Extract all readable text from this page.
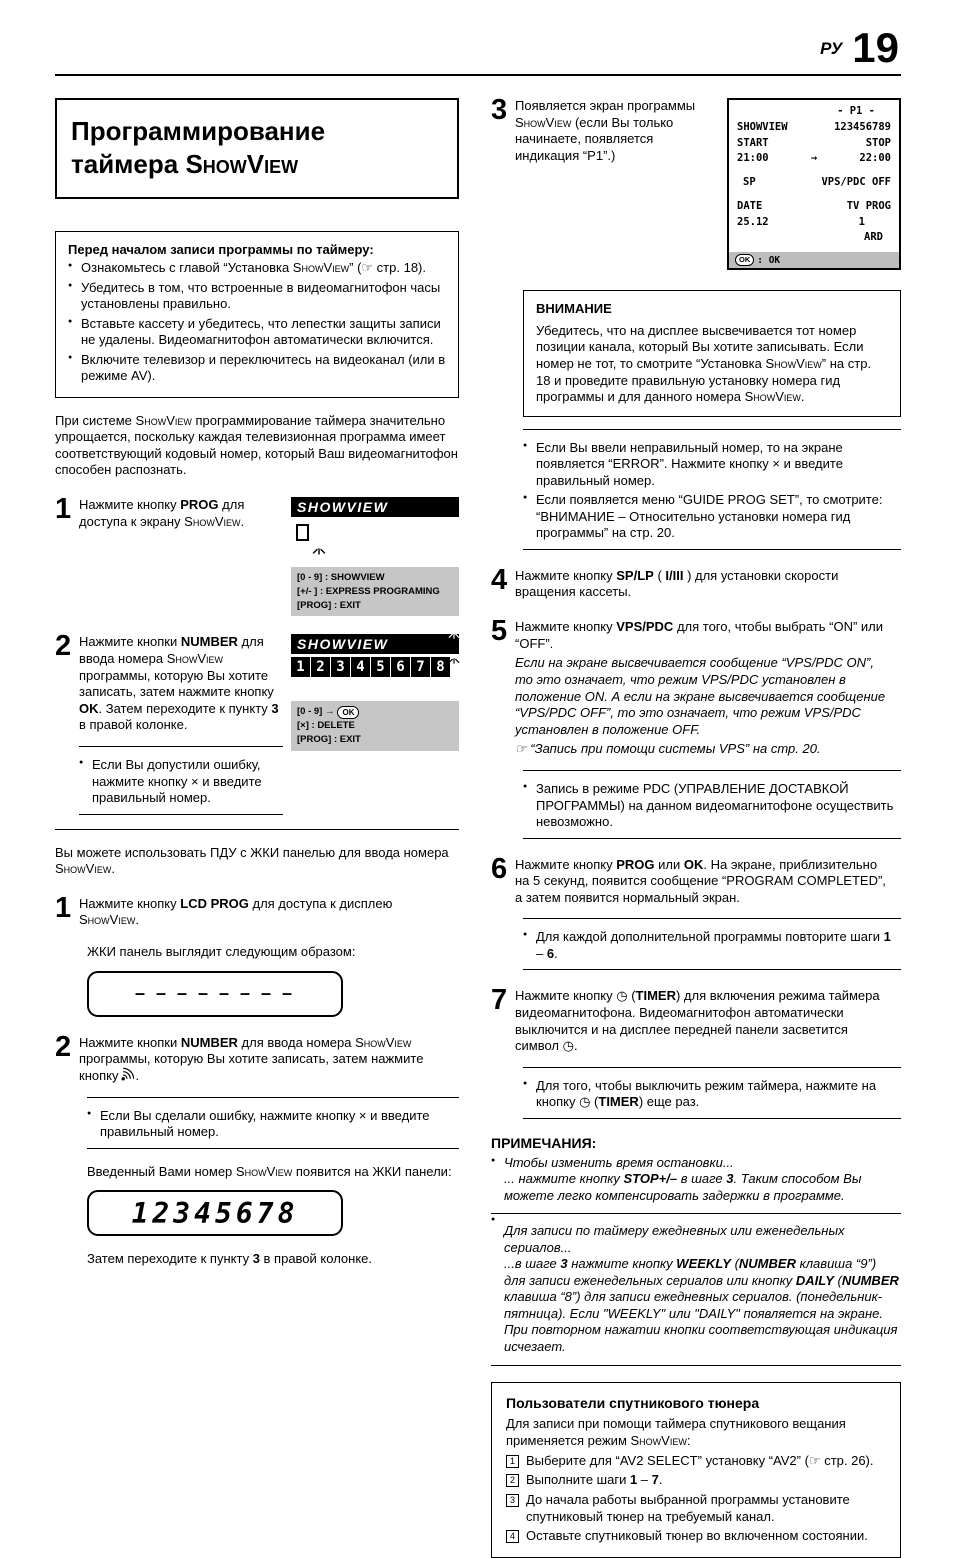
РУ 19
Программирование
таймера ShowView
Перед началом записи программы по таймеру:
● Ознакомьтесь с главой “Установка ShowView” (☞ стр. 18).
● Убедитесь в том, что встроенные в видеомагнитофон часы установлены правильно.
● Вставьте кассету и убедитесь, что лепестки защиты записи не удалены. Видеомагнитофон автоматически включится.
● Включите телевизор и переключитесь на видеоканал (или в режиме AV).

При системе ShowView программирование таймера значительно упрощается, поскольку каждая телевизионная программа имеет соответствующий кодовый номер, который Ваш видеомагнитофон способен распознать.

1 Нажмите кнопку PROG для доступа к экрану ShowView.
SHOWVIEW
[0 - 9] : SHOWVIEW
[+/- ] : EXPRESS PROGRAMING
[PROG] : EXIT
2 Нажмите кнопки NUMBER для ввода номера ShowView программы, которую Вы хотите записать, затем нажмите кнопку OK. Затем переходите к пункту 3 в правой колонке.
● Если Вы допустили ошибку, нажмите кнопку × и введите правильный номер.
SHOWVIEW
1 2 3 4 5 6 7 8
[0 - 9] →	OK
[×] : DELETE
[PROG] : EXIT

Вы можете использовать ПДУ с ЖКИ панелью для ввода номера ShowView.

1 Нажмите кнопку LCD PROG для доступа к дисплею ShowView.

ЖКИ панель выглядит следующим образом:

– – – – – – – –
2 Нажмите кнопки NUMBER для ввода номера ShowView программы, которую Вы хотите записать, затем нажмите кнопку .
● Если Вы сделали ошибку, нажмите кнопку × и введите правильный номер.

Введенный Вами номер ShowView появится на ЖКИ панели:

12345678

Затем переходите к пункту 3 в правой колонке.

3 Появляется экран программы ShowView (если Вы только начинаете, появляется индикация “Р1”.)
- P1 -
SHOWVIEW	123456789
START	STOP
21:00	→	22:00
SP	VPS/PDC OFF
DATE	TV PROG
25.12	1
ARD
OK : OK
ВНИМАНИЕ
Убедитесь, что на дисплее высвечивается тот номер позиции канала, который Вы хотите записывать. Если номер не тот, то смотрите “Установка ShowView” на стр. 18 и проведите правильную установку номера гид программы и для данного номера ShowView.
● Если Вы ввели неправильный номер, то на экране появляется “ERROR”. Нажмите кнопку × и введите правильный номер.
● Если появляется меню “GUIDE PROG SET”, то смотрите: “ВНИМАНИЕ – Относительно установки номера гид программы” на стр. 20.
4 Нажмите кнопку SP/LP ( I/III ) для установки скорости вращения кассеты.
5 Нажмите кнопку VPS/PDC для того, чтобы выбрать “ON” или “OFF”.
Если на экране высвечивается сообщение “VPS/PDC ON”, то это означает, что режим VPS/PDC установлен в положение ON. А если на экране высвечивается сообщение “VPS/PDC OFF”, то это означает, что режим VPS/PDC установлен в положение OFF.
☞ “Запись при помощи системы VPS” на стр. 20.
● Запись в режиме PDC (УПРАВЛЕНИЕ ДОСТАВКОЙ ПРОГРАММЫ) на данном видеомагнитофоне осуществить невозможно.
6 Нажмите кнопку PROG или OK. На экране, приблизительно на 5 секунд, появится сообщение “PROGRAM COMPLETED”, а затем появится нормальный экран.
● Для каждой дополнительной программы повторите шаги 1 – 6.
7 Нажмите кнопку ◷ (TIMER) для включения режима таймера видеомагнитофона. Видеомагнитофон автоматически выключится и на дисплее передней панели засветится символ ◷.
● Для того, чтобы выключить режим таймера, нажмите на кнопку ◷ (TIMER) еще раз.
ПРИМЕЧАНИЯ:
● Чтобы изменить время остановки...
... нажмите кнопку STOP+/– в шаге 3. Таким способом Вы можете легко компенсировать задержки в программе.
● Для записи по таймеру ежедневных или еженедельных сериалов...
...в шаге 3 нажмите кнопку WEEKLY (NUMBER клавиша “9”) для записи еженедельных сериалов или кнопку DAILY (NUMBER клавиша “8”) для записи ежедневных сериалов. (понедельник-пятница). Если "WEEKLY" или "DAILY" появляется на экране. При повторном нажатии кнопки соответствующая индикация исчезает.
Пользователи спутникового тюнера

Для записи при помощи таймера спутникового вещания применяется режим ShowView:

1 Выберите для “AV2 SELECT” установку “AV2” (☞ стр. 26).
2 Выполните шаги 1 – 7.
3 До начала работы выбранной программы установите спутниковый тюнер на требуемый канал.
4 Оставьте спутниковый тюнер во включенном состоянии.
